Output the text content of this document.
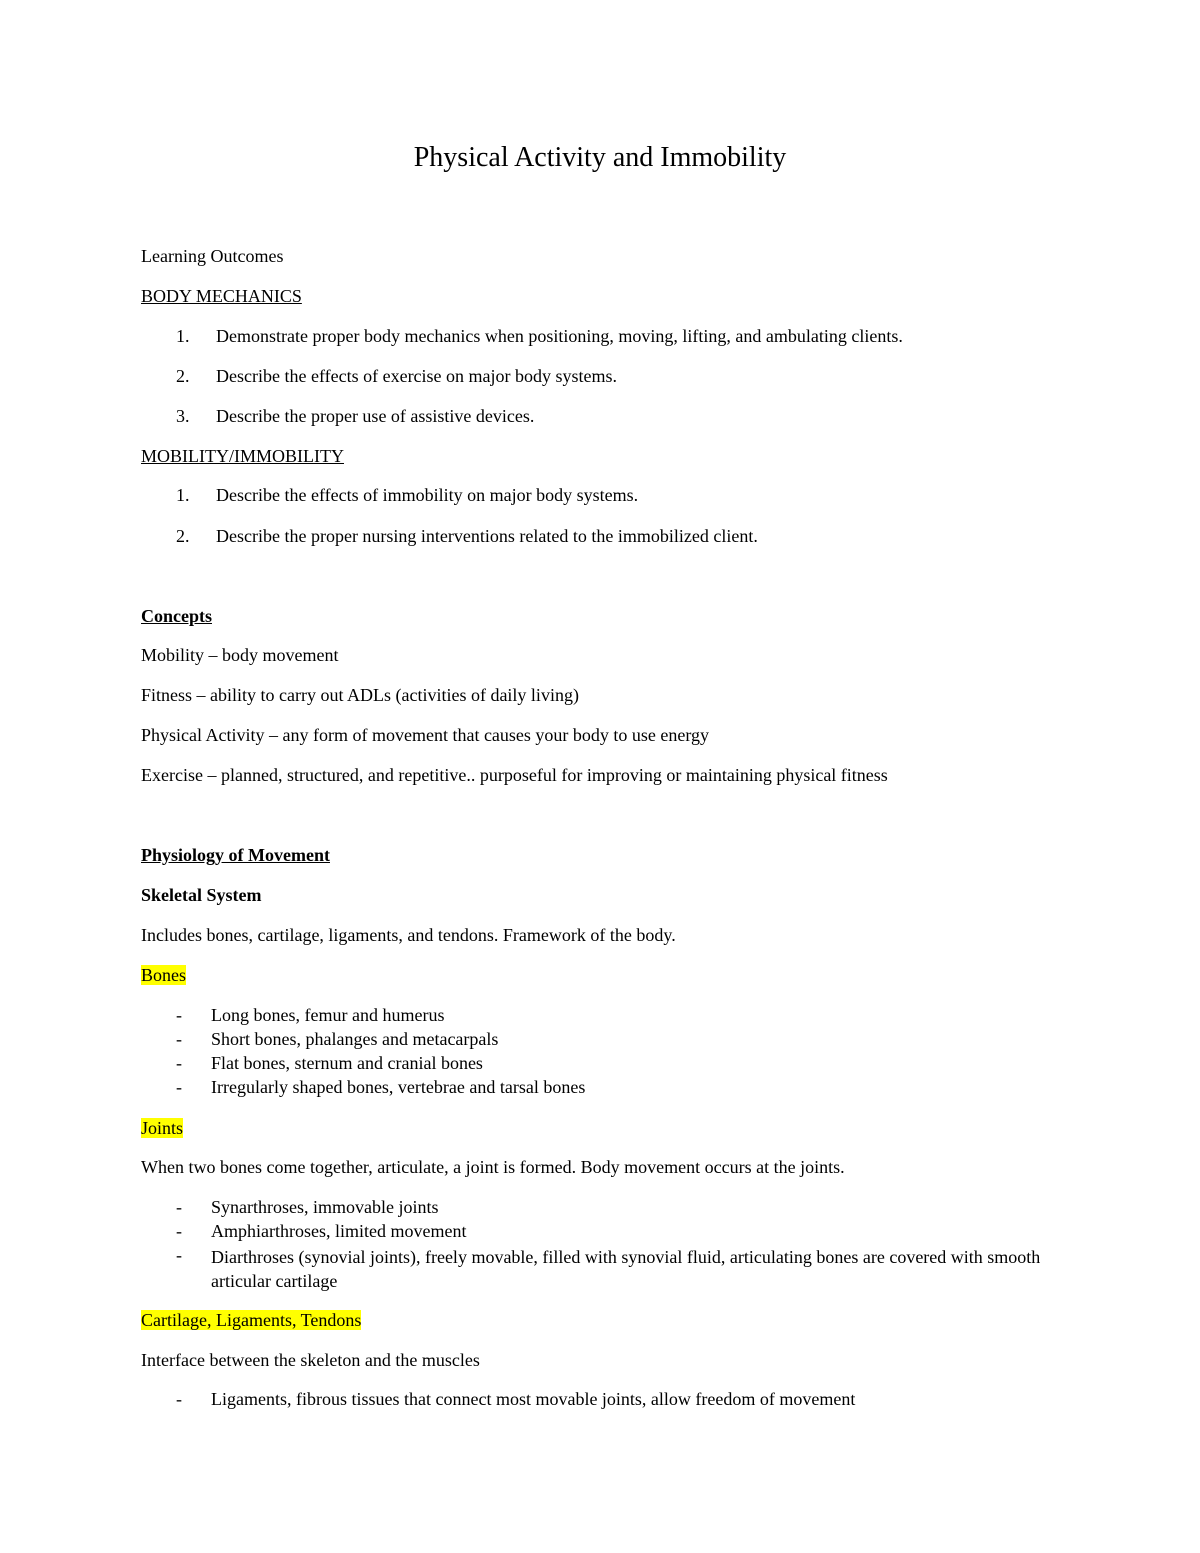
Physical Activity and Immobility
Learning Outcomes
BODY MECHANICS
1. Demonstrate proper body mechanics when positioning, moving, lifting, and ambulating clients.
2. Describe the effects of exercise on major body systems.
3. Describe the proper use of assistive devices.
MOBILITY/IMMOBILITY
1. Describe the effects of immobility on major body systems.
2. Describe the proper nursing interventions related to the immobilized client.
Concepts
Mobility – body movement
Fitness – ability to carry out ADLs (activities of daily living)
Physical Activity – any form of movement that causes your body to use energy
Exercise – planned, structured, and repetitive.. purposeful for improving or maintaining physical fitness
Physiology of Movement
Skeletal System
Includes bones, cartilage, ligaments, and tendons. Framework of the body.
Bones
- Long bones, femur and humerus
- Short bones, phalanges and metacarpals
- Flat bones, sternum and cranial bones
- Irregularly shaped bones, vertebrae and tarsal bones
Joints
When two bones come together, articulate, a joint is formed. Body movement occurs at the joints.
- Synarthroses, immovable joints
- Amphiarthroses, limited movement
- Diarthroses (synovial joints), freely movable, filled with synovial fluid, articulating bones are covered with smooth articular cartilage
Cartilage, Ligaments, Tendons
Interface between the skeleton and the muscles
- Ligaments, fibrous tissues that connect most movable joints, allow freedom of movement
